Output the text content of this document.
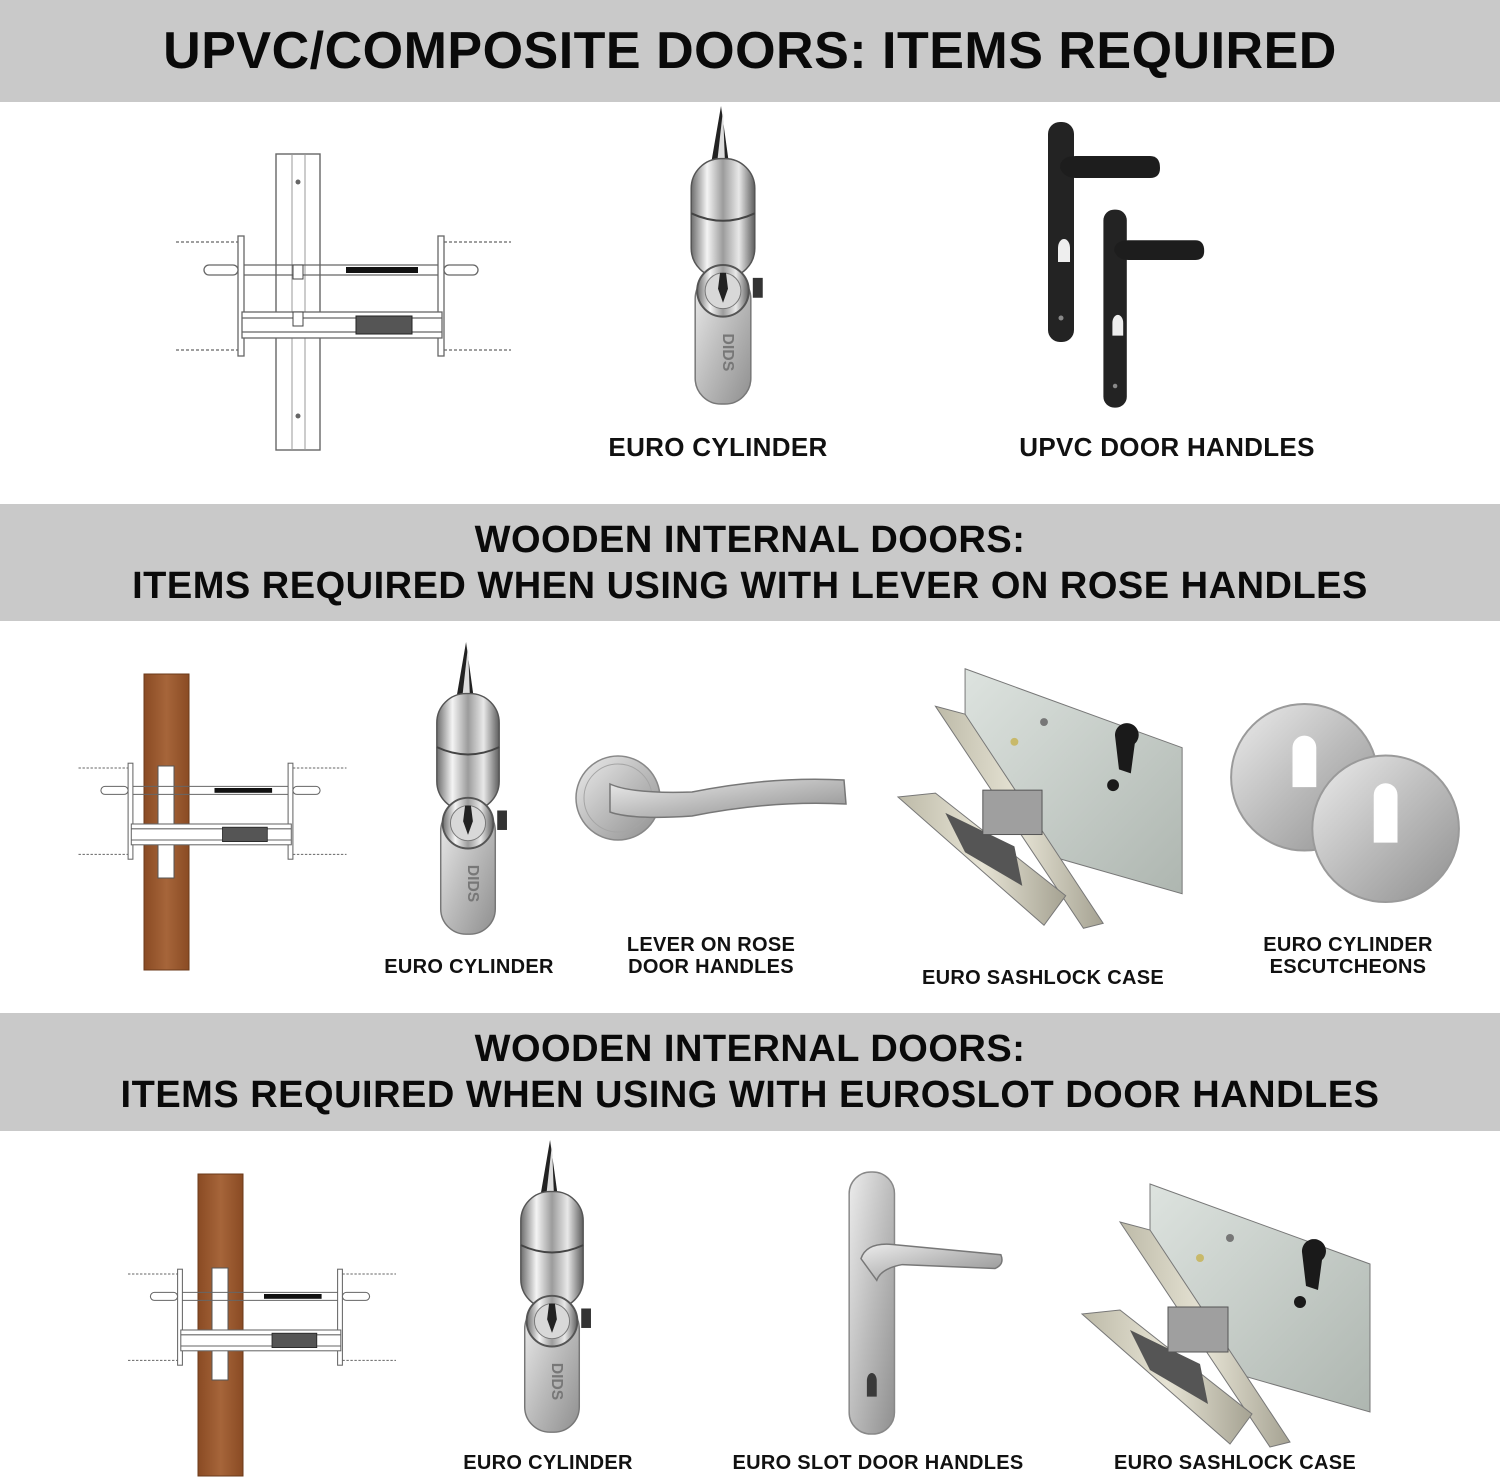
UPVC/COMPOSITE DOORS: ITEMS REQUIRED
EURO CYLINDER	UPVC DOOR HANDLES
WOODEN INTERNAL DOORS:
ITEMS REQUIRED WHEN USING WITH LEVER ON ROSE HANDLES
EURO CYLINDER
LEVER ON ROSE
DOOR HANDLES	EURO SASHLOCK CASE
EURO CYLINDER
ESCUTCHEONS
WOODEN INTERNAL DOORS:
ITEMS REQUIRED WHEN USING WITH EUROSLOT DOOR HANDLES
EURO CYLINDER	EURO SLOT DOOR HANDLES	EURO SASHLOCK CASE
